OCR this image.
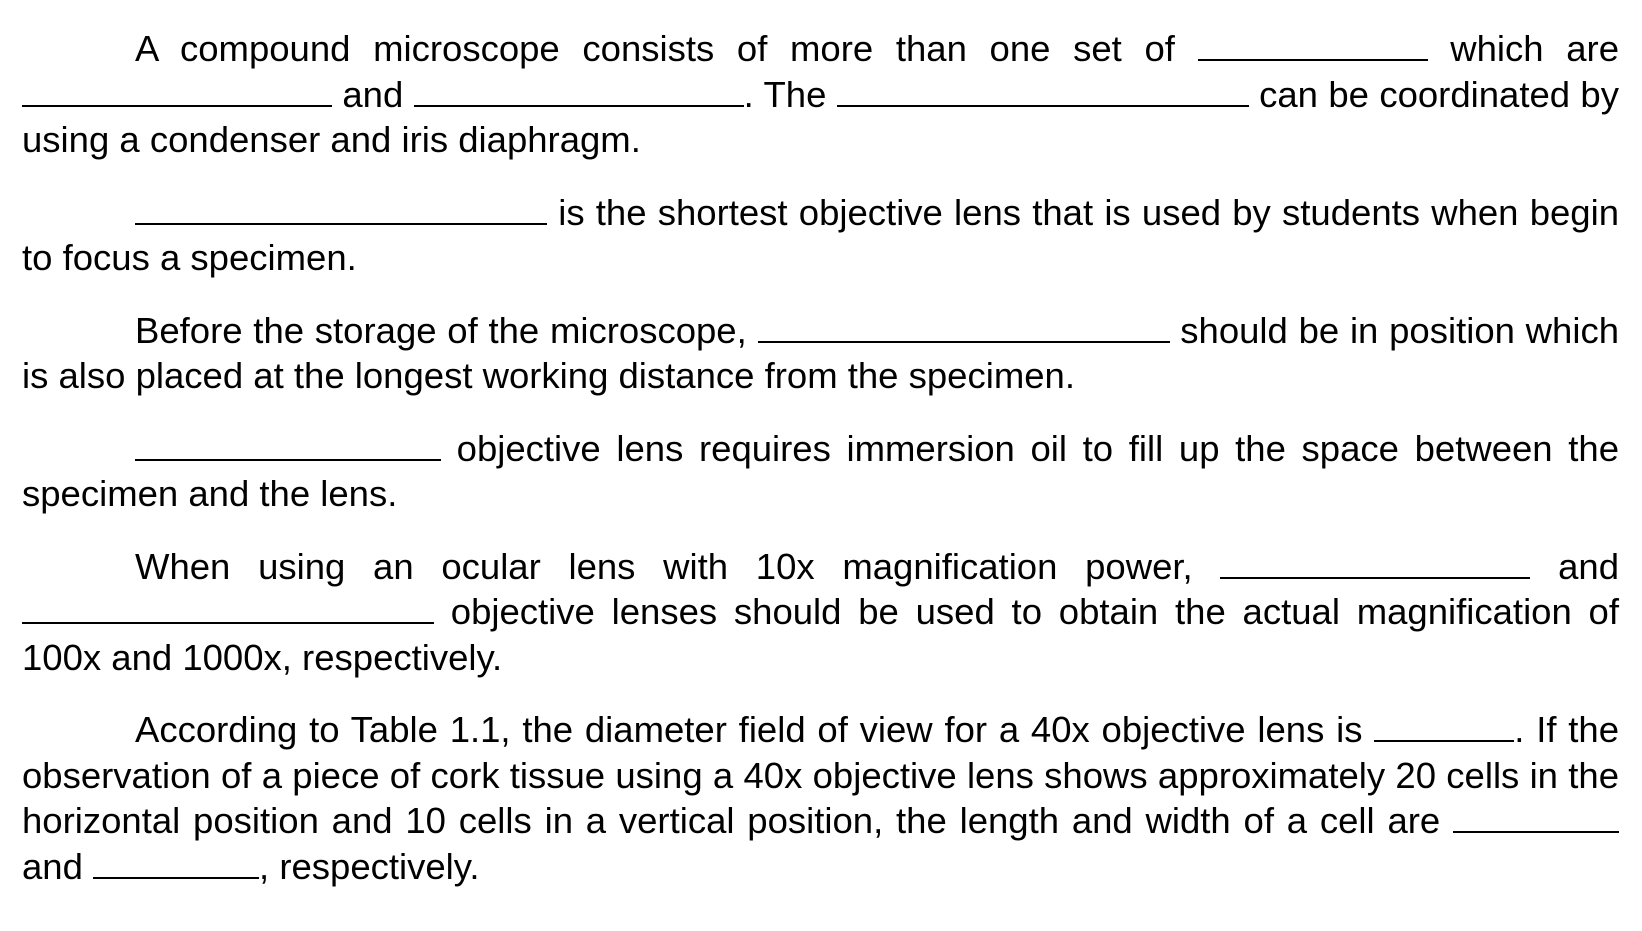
A compound microscope consists of more than one set of	which are  and	. The	can be coordinated by using a condenser and iris diaphragm.

is the shortest objective lens that is used by students when begin to focus a specimen.

Before the storage of the microscope,	should be in position which is also placed at the longest working distance from the specimen.

objective lens requires immersion oil to fill up the space between the specimen and the lens.

When using an ocular lens with 10x magnification power,	and  objective lenses should be used to obtain the actual magnification of 100x and 1000x, respectively.

According to Table 1.1, the diameter field of view for a 40x objective lens is	. If the observation of a piece of cork tissue using a 40x objective lens shows approximately 20 cells in the horizontal position and 10 cells in a vertical position, the length and width of a cell are  and	, respectively.
